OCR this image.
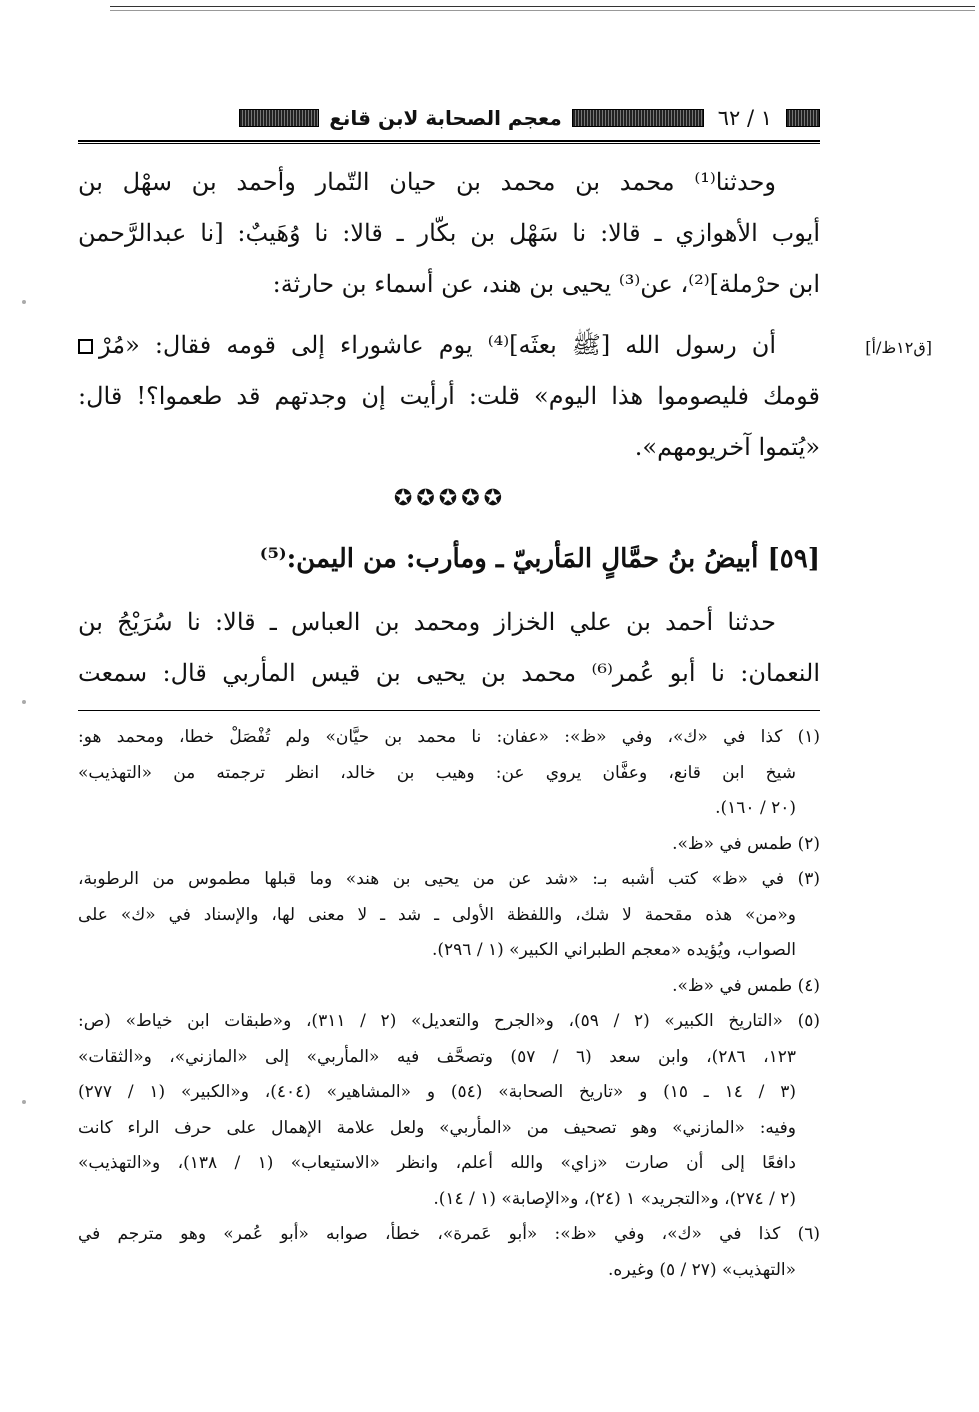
١ / ٦٢
معجم الصحابة لابن قانع
وحدثنا⁽¹⁾ محمد بن محمد بن حيان التّمار وأحمد بن سهْل بن
أيوب الأهوازي ـ قالا: نا سَهْل بن بكّار ـ قالا: نا وُهَيبٌ: [نا عبدالرَّحمن
ابن حرْملة]⁽²⁾، عن⁽³⁾ يحيى بن هند، عن أسماء بن حارثة:
[ق١٢ظ/أ]
أن رسول الله [ﷺ بعثَه]⁽⁴⁾ يوم عاشوراء إلى قومه فقال: «مُرْ
قومك فليصوموا هذا اليوم» قلت: أرأيت إن وجدتهم قد طعموا؟! قال:
«يُتموا آخريومهم».
✪✪✪✪✪
[٥٩] أبيضُ بنُ حمَّالٍ المَأربيّ ـ ومأرب: من اليمن:⁽⁵⁾
حدثنا أحمد بن علي الخزاز ومحمد بن العباس ـ قالا: نا سُرَيْجُ بن
النعمان: نا أبو عُمر⁽⁶⁾ محمد بن يحيى بن قيس المأربي قال: سمعت
(١) كذا في «ك»، وفي «ظ»: «عفان: نا محمد بن حيَّان» ولم تُفْصَلْ خطا، ومحمد هو:
شيخ ابن قانع، وعفَّان يروي عن: وهيب بن خالد، انظر ترجمته من «التهذيب»
(٢٠ / ١٦٠).
(٢) طمس في «ظ».
(٣) في «ظ» كتب أشبه بـ: «شد عن من يحيى بن هند» وما قبلها مطموس من الرطوبة،
و«من» هذه مقحمة لا شك، واللفظة الأولى ـ شد ـ لا معنى لها، والإسناد في «ك» على
الصواب، ويُؤيده «معجم الطبراني الكبير» (١ / ٢٩٦).
(٤) طمس في «ظ».
(٥) «التاريخ الكبير» (٢ / ٥٩)، و«الجرح والتعديل» (٢ / ٣١١)، و«طبقات ابن خياط» (ص:
١٢٣، ٢٨٦)، وابن سعد (٦ / ٥٧) وتصحَّف فيه «المأربي» إلى «المازني»، و«الثقات»
(٣ / ١٤ ـ ١٥) و «تاريخ الصحابة» (٥٤) و «المشاهير» (٤٠٤)، و«الكبير» (١ / ٢٧٧)
وفيه: «المازني» وهو تصحيف من «المأربي» ولعل علامة الإهمال على حرف الراء كانت
دافعًا إلى أن صارت «زاي» والله أعلم، وانظر «الاستيعاب» (١ / ١٣٨)، و«التهذيب»
(٢ / ٢٧٤)، و«التجريد» ١ (٢٤)، و«الإصابة» (١ / ١٤).
(٦) كذا في «ك»، وفي «ظ»: «أبو عَمرة»، خطأ، صوابه «أبو عُمر» وهو مترجم في
«التهذيب» (٢٧ / ٥) وغيره.
